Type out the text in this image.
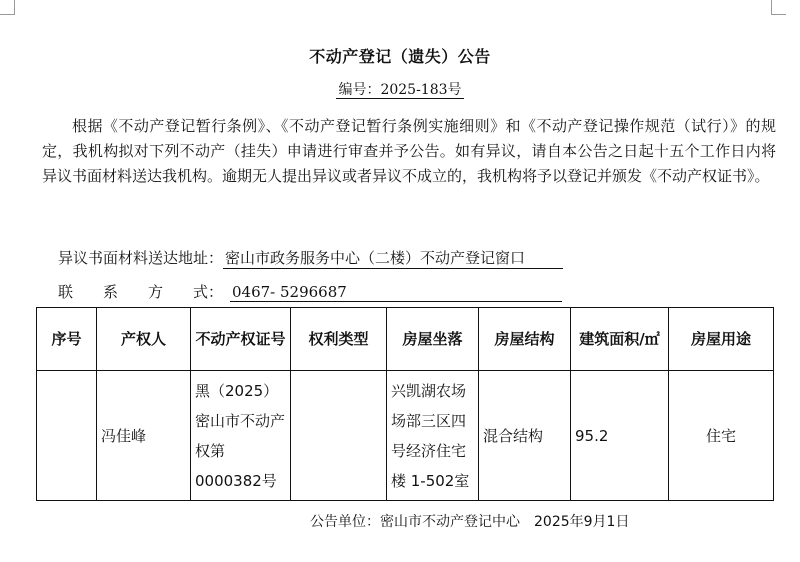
不动产登记（遗失）公告
编号：2025-183号
根据《不动产登记暂行条例》、《不动产登记暂行条例实施细则》和《不动产登记操作规范（试行）》的规定，我机构拟对下列不动产（挂失）申请进行审查并予公告。如有异议，请自本公告之日起十五个工作日内将异议书面材料送达我机构。逾期无人提出异议或者异议不成立的，我机构将予以登记并颁发《不动产权证书》。
异议书面材料送达地址： 密山市政务服务中心（二楼）不动产登记窗口
联　　系　　方　　式： 0467- 5296687
序号	产权人	不动产权证号	权利类型	房屋坐落	房屋结构	建筑面积/㎡	房屋用途
	冯佳峰	黑（2025）密山市不动产权第 0000382号		兴凯湖农场场部三区四号经济住宅楼 1-502室	混合结构	95.2	住宅
公告单位：密山市不动产登记中心 2025年9月1日
